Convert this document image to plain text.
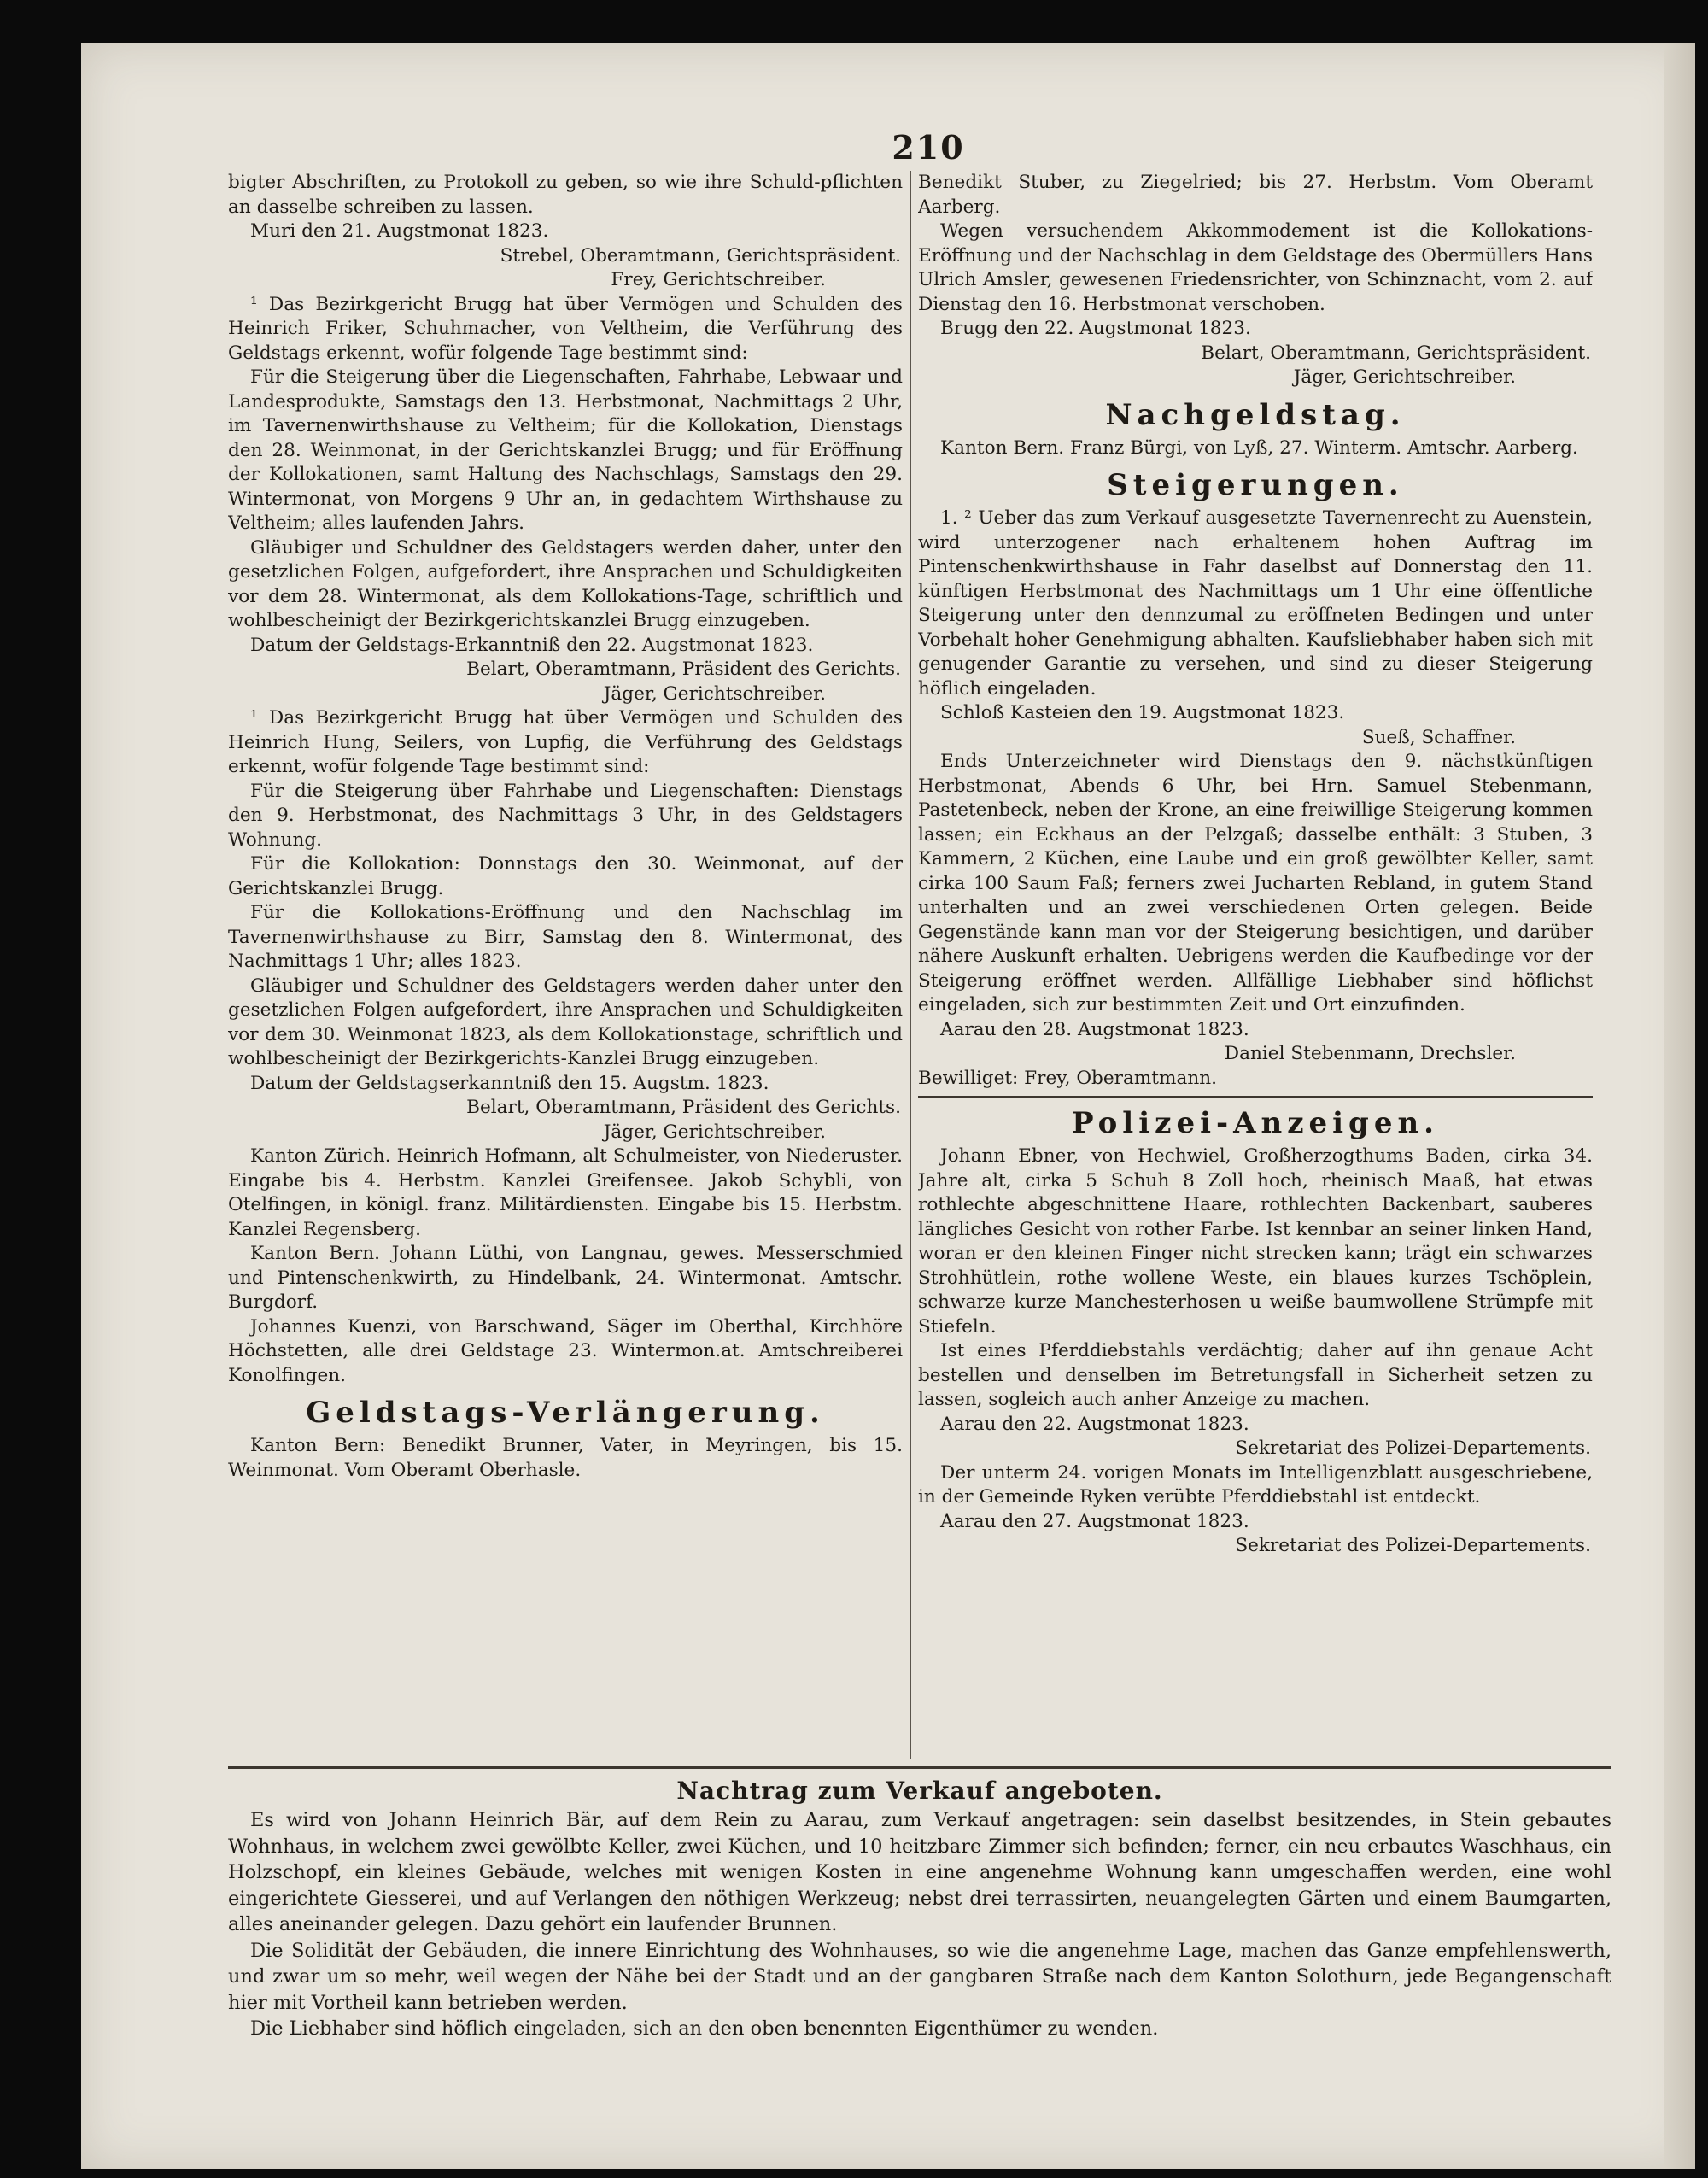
210

bigter Abschriften, zu Protokoll zu geben, so wie ihre Schuld-pflichten an dasselbe schreiben zu lassen.

Muri den 21. Augstmonat 1823.

Strebel, Oberamtmann, Gerichtspräsident.

Frey, Gerichtschreiber.

¹ Das Bezirkgericht Brugg hat über Vermögen und Schulden des Heinrich Friker, Schuhmacher, von Veltheim, die Verführung des Geldstags erkennt, wofür folgende Tage bestimmt sind:

Für die Steigerung über die Liegenschaften, Fahrhabe, Lebwaar und Landesprodukte, Samstags den 13. Herbstmonat, Nachmittags 2 Uhr, im Tavernenwirthshause zu Veltheim; für die Kollokation, Dienstags den 28. Weinmonat, in der Gerichtskanzlei Brugg; und für Eröffnung der Kollokationen, samt Haltung des Nachschlags, Samstags den 29. Wintermonat, von Morgens 9 Uhr an, in gedachtem Wirthshause zu Veltheim; alles laufenden Jahrs.

Gläubiger und Schuldner des Geldstagers werden daher, unter den gesetzlichen Folgen, aufgefordert, ihre Ansprachen und Schuldigkeiten vor dem 28. Wintermonat, als dem Kollokations-Tage, schriftlich und wohlbescheinigt der Bezirkgerichtskanzlei Brugg einzugeben.

Datum der Geldstags-Erkanntniß den 22. Augstmonat 1823.

Belart, Oberamtmann, Präsident des Gerichts.

Jäger, Gerichtschreiber.

¹ Das Bezirkgericht Brugg hat über Vermögen und Schulden des Heinrich Hung, Seilers, von Lupfig, die Verführung des Geldstags erkennt, wofür folgende Tage bestimmt sind:

Für die Steigerung über Fahrhabe und Liegenschaften: Dienstags den 9. Herbstmonat, des Nachmittags 3 Uhr, in des Geldstagers Wohnung.

Für die Kollokation: Donnstags den 30. Weinmonat, auf der Gerichtskanzlei Brugg.

Für die Kollokations-Eröffnung und den Nachschlag im Tavernenwirthshause zu Birr, Samstag den 8. Wintermonat, des Nachmittags 1 Uhr; alles 1823.

Gläubiger und Schuldner des Geldstagers werden daher unter den gesetzlichen Folgen aufgefordert, ihre Ansprachen und Schuldigkeiten vor dem 30. Weinmonat 1823, als dem Kollokationstage, schriftlich und wohlbescheinigt der Bezirkgerichts-Kanzlei Brugg einzugeben.

Datum der Geldstagserkanntniß den 15. Augstm. 1823.

Belart, Oberamtmann, Präsident des Gerichts.

Jäger, Gerichtschreiber.

Kanton Zürich. Heinrich Hofmann, alt Schulmeister, von Niederuster. Eingabe bis 4. Herbstm. Kanzlei Greifensee. Jakob Schybli, von Otelfingen, in königl. franz. Militärdiensten. Eingabe bis 15. Herbstm. Kanzlei Regensberg.

Kanton Bern. Johann Lüthi, von Langnau, gewes. Messerschmied und Pintenschenkwirth, zu Hindelbank, 24. Wintermonat. Amtschr. Burgdorf.

Johannes Kuenzi, von Barschwand, Säger im Oberthal, Kirchhöre Höchstetten, alle drei Geldstage 23. Wintermon.at. Amtschreiberei Konolfingen.

Geldstags-Verlängerung.

Kanton Bern: Benedikt Brunner, Vater, in Meyringen, bis 15. Weinmonat. Vom Oberamt Oberhasle.

Benedikt Stuber, zu Ziegelried; bis 27. Herbstm. Vom Oberamt Aarberg.

Wegen versuchendem Akkommodement ist die Kollokations-Eröffnung und der Nachschlag in dem Geldstage des Obermüllers Hans Ulrich Amsler, gewesenen Friedensrichter, von Schinznacht, vom 2. auf Dienstag den 16. Herbstmonat verschoben.

Brugg den 22. Augstmonat 1823.

Belart, Oberamtmann, Gerichtspräsident.

Jäger, Gerichtschreiber.

Nachgeldstag.

Kanton Bern. Franz Bürgi, von Lyß, 27. Winterm. Amtschr. Aarberg.

Steigerungen.

1. ² Ueber das zum Verkauf ausgesetzte Tavernenrecht zu Auenstein, wird unterzogener nach erhaltenem hohen Auftrag im Pintenschenkwirthshause in Fahr daselbst auf Donnerstag den 11. künftigen Herbstmonat des Nachmittags um 1 Uhr eine öffentliche Steigerung unter den dennzumal zu eröffneten Bedingen und unter Vorbehalt hoher Genehmigung abhalten. Kaufsliebhaber haben sich mit genugender Garantie zu versehen, und sind zu dieser Steigerung höflich eingeladen.

Schloß Kasteien den 19. Augstmonat 1823.

Sueß, Schaffner.

Ends Unterzeichneter wird Dienstags den 9. nächstkünftigen Herbstmonat, Abends 6 Uhr, bei Hrn. Samuel Stebenmann, Pastetenbeck, neben der Krone, an eine freiwillige Steigerung kommen lassen; ein Eckhaus an der Pelzgaß; dasselbe enthält: 3 Stuben, 3 Kammern, 2 Küchen, eine Laube und ein groß gewölbter Keller, samt cirka 100 Saum Faß; ferners zwei Jucharten Rebland, in gutem Stand unterhalten und an zwei verschiedenen Orten gelegen. Beide Gegenstände kann man vor der Steigerung besichtigen, und darüber nähere Auskunft erhalten. Uebrigens werden die Kaufbedinge vor der Steigerung eröffnet werden. Allfällige Liebhaber sind höflichst eingeladen, sich zur bestimmten Zeit und Ort einzufinden.

Aarau den 28. Augstmonat 1823.

Daniel Stebenmann, Drechsler.

Bewilliget: Frey, Oberamtmann.

Polizei-Anzeigen.

Johann Ebner, von Hechwiel, Großherzogthums Baden, cirka 34. Jahre alt, cirka 5 Schuh 8 Zoll hoch, rheinisch Maaß, hat etwas rothlechte abgeschnittene Haare, rothlechten Backenbart, sauberes längliches Gesicht von rother Farbe. Ist kennbar an seiner linken Hand, woran er den kleinen Finger nicht strecken kann; trägt ein schwarzes Strohhütlein, rothe wollene Weste, ein blaues kurzes Tschöplein, schwarze kurze Manchesterhosen u weiße baumwollene Strümpfe mit Stiefeln.

Ist eines Pferddiebstahls verdächtig; daher auf ihn genaue Acht bestellen und denselben im Betretungsfall in Sicherheit setzen zu lassen, sogleich auch anher Anzeige zu machen.

Aarau den 22. Augstmonat 1823.

Sekretariat des Polizei-Departements.

Der unterm 24. vorigen Monats im Intelligenzblatt ausgeschriebene, in der Gemeinde Ryken verübte Pferddiebstahl ist entdeckt.

Aarau den 27. Augstmonat 1823.

Sekretariat des Polizei-Departements.

Nachtrag zum Verkauf angeboten.

Es wird von Johann Heinrich Bär, auf dem Rein zu Aarau, zum Verkauf angetragen: sein daselbst besitzendes, in Stein gebautes Wohnhaus, in welchem zwei gewölbte Keller, zwei Küchen, und 10 heitzbare Zimmer sich befinden; ferner, ein neu erbautes Waschhaus, ein Holzschopf, ein kleines Gebäude, welches mit wenigen Kosten in eine angenehme Wohnung kann umgeschaffen werden, eine wohl eingerichtete Giesserei, und auf Verlangen den nöthigen Werkzeug; nebst drei terrassirten, neuangelegten Gärten und einem Baumgarten, alles aneinander gelegen. Dazu gehört ein laufender Brunnen.

Die Solidität der Gebäuden, die innere Einrichtung des Wohnhauses, so wie die angenehme Lage, machen das Ganze empfehlenswerth, und zwar um so mehr, weil wegen der Nähe bei der Stadt und an der gangbaren Straße nach dem Kanton Solothurn, jede Begangenschaft hier mit Vortheil kann betrieben werden.

Die Liebhaber sind höflich eingeladen, sich an den oben benennten Eigenthümer zu wenden.
